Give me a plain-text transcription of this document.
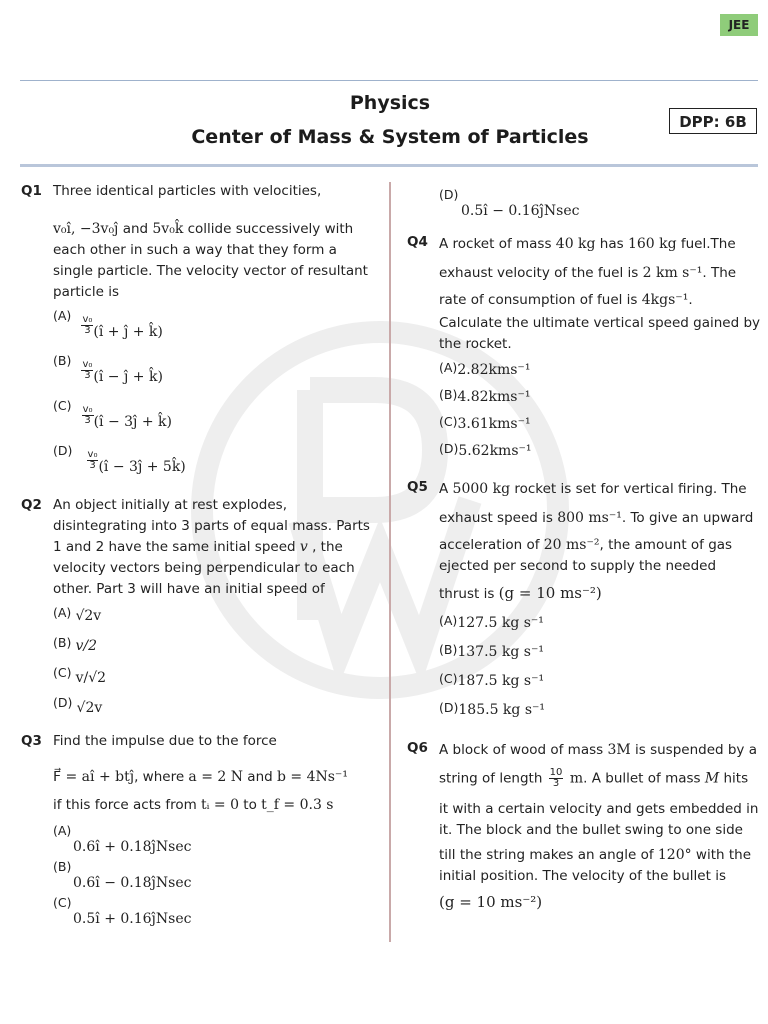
JEE
Physics
Center of Mass & System of Particles
DPP: 6B
Q1 Three identical particles with velocities,
v₀î, −3v₀ĵ and 5v₀k̂ collide successively with
each other in such a way that they form a
single particle. The velocity vector of resultant
particle is
$(A) \frac{\text{v₀}}{3}$ (î + ĵ + k̂)
$(B) \frac{\text{v₀}}{3}$ (î − ĵ + k̂)
$(C) \frac{\text{v₀}}{3}$ (î − 3ĵ + k̂)
$(D) \frac{\text{v₀}}{3}$ (î − 3ĵ + 5k̂)
Q2 An object initially at rest explodes,
disintegrating into 3 parts of equal mass. Parts
1 and 2 have the same initial speed v , the
velocity vectors being perpendicular to each
other. Part 3 will have an initial speed of
(A) √2v
(B) v/2
(C) v/√2
(D) √2v
Q3 Find the impulse due to the force
F⃗ = aî + btĵ, where a = 2 N and b = 4Ns⁻¹
if this force acts from tᵢ = 0 to t_f = 0.3 s
(A)
0.6î + 0.18ĵNsec
(B)
0.6î − 0.18ĵNsec
(C)
0.5î + 0.16ĵNsec
(D)
0.5î − 0.16ĵNsec
Q4 A rocket of mass 40 kg has 160 kg fuel.The
exhaust velocity of the fuel is 2 km s⁻¹. The
rate of consumption of fuel is 4kgs⁻¹.
Calculate the ultimate vertical speed gained by
the rocket.
(A)2.82kms⁻¹
(B)4.82kms⁻¹
(C)3.61kms⁻¹
(D)5.62kms⁻¹
Q5 A 5000 kg rocket is set for vertical firing. The
exhaust speed is 800 ms⁻¹. To give an upward
acceleration of 20 ms⁻², the amount of gas
ejected per second to supply the needed
thrust is (g = 10 ms⁻²)
(A)127.5 kg s⁻¹
(B)137.5 kg s⁻¹
(C)187.5 kg s⁻¹
(D)185.5 kg s⁻¹
Q6 A block of wood of mass 3M is suspended by a
string of length $\frac{10}{3} m$. A bullet of mass M hits
it with a certain velocity and gets embedded in
it. The block and the bullet swing to one side
till the string makes an angle of 120° with the
initial position. The velocity of the bullet is
(g = 10 ms⁻²)
